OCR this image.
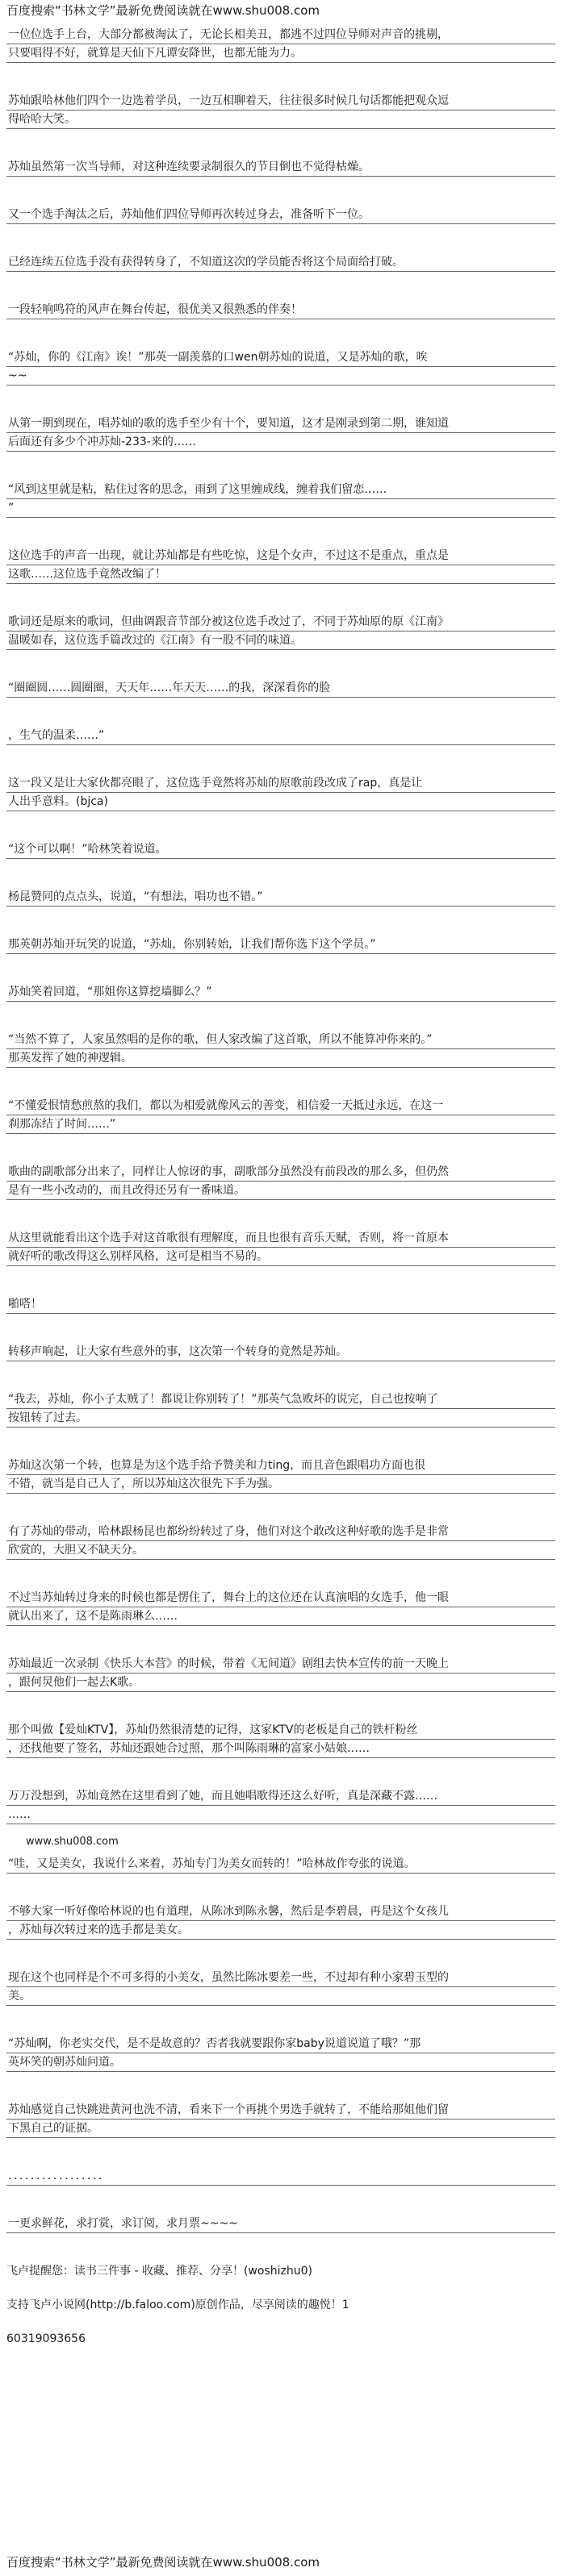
百度搜索“书林文学”最新免费阅读就在www.shu008.com
一位位选手上台，大部分都被淘汰了，无论长相美丑，都逃不过四位导师对声音的挑剔，
只要唱得不好，就算是天仙下凡谭安降世，也都无能为力。
苏灿跟哈林他们四个一边选着学员，一边互相聊着天，往往很多时候几句话都能把观众逗
得哈哈大笑。
苏灿虽然第一次当导师，对这种连续要录制很久的节目倒也不觉得枯燥。
又一个选手淘汰之后，苏灿他们四位导师再次转过身去，准备听下一位。
已经连续五位选手没有获得转身了，不知道这次的学员能否将这个局面给打破。
一段轻响鸣符的风声在舞台传起，很优美又很熟悉的伴奏！
“苏灿，你的《江南》诶！”那英一副羡慕的口wen朝苏灿的说道，又是苏灿的歌，唉
~~
从第一期到现在，唱苏灿的歌的选手至少有十个，要知道，这才是刚录到第二期，谁知道
后面还有多少个冲苏灿-233-来的……
“风到这里就是粘，粘住过客的思念，雨到了这里缠成线，缠着我们留恋……
”
这位选手的声音一出现，就让苏灿都是有些吃惊，这是个女声，不过这不是重点，重点是
这歌……这位选手竟然改编了！
歌词还是原来的歌词，但曲调跟音节部分被这位选手改过了，不同于苏灿原的原《江南》
温暖如春，这位选手篇改过的《江南》有一股不同的味道。
“圈圈圆……圆圈圈，天天年……年天天……的我，深深看你的脸
，生气的温柔……”
这一段又是让大家伙都亮眼了，这位选手竟然将苏灿的原歌前段改成了rap，真是让
人出乎意料。(bjca)
“这个可以啊！”哈林笑着说道。
杨昆赞同的点点头，说道，“有想法，唱功也不错。”
那英朝苏灿开玩笑的说道，“苏灿，你别转始，让我们帮你选下这个学员。”
苏灿笑着回道，“那姐你这算挖墙脚么？”
“当然不算了，人家虽然唱的是你的歌，但人家改编了这首歌，所以不能算冲你来的。”
那英发挥了她的神逻辑。
“不懂爱恨情愁煎熬的我们，都以为相爱就像风云的善变，相信爱一天抵过永远，在这一
刹那冻结了时间……”
歌曲的副歌部分出来了，同样让人惊讶的事，副歌部分虽然没有前段改的那么多，但仍然
是有一些小改动的，而且改得还另有一番味道。
从这里就能看出这个选手对这首歌很有理解度，而且也很有音乐天赋，否则，将一首原本
就好听的歌改得这么别样风格，这可是相当不易的。
啪嗒！
转移声响起，让大家有些意外的事，这次第一个转身的竟然是苏灿。
“我去，苏灿，你小子太贼了！都说让你别转了！”那英气急败坏的说完，自己也按响了
按钮转了过去。
苏灿这次第一个转，也算是为这个选手给予赞美和力ting，而且音色跟唱功方面也很
不错，就当是自己人了，所以苏灿这次很先下手为强。
有了苏灿的带动，哈林跟杨昆也都纷纷转过了身，他们对这个敢改这种好歌的选手是非常
欣赏的，大胆又不缺天分。
不过当苏灿转过身来的时候也都是愣住了，舞台上的这位还在认真演唱的女选手，他一眼
就认出来了，这不是陈雨琳么……
苏灿最近一次录制《快乐大本营》的时候，带着《无间道》剧组去快本宣传的前一天晚上
，跟何炅他们一起去K歌。
那个叫做【爱灿KTV】，苏灿仍然很清楚的记得，这家KTV的老板是自己的铁杆粉丝
，还找他要了签名，苏灿还跟她合过照，那个叫陈雨琳的富家小姑娘……
万万没想到，苏灿竟然在这里看到了她，而且她唱歌得还这么好听，真是深藏不露……
……
www.shu008.com
“哇，又是美女，我说什么来着，苏灿专门为美女而转的！”哈林故作夸张的说道。
不够大家一听好像哈林说的也有道理，从陈冰到陈永馨，然后是李碧晨，再是这个女孩儿
，苏灿每次转过来的选手都是美女。
现在这个也同样是个不可多得的小美女，虽然比陈冰要差一些，不过却有种小家碧玉型的
美。
“苏灿啊，你老实交代，是不是故意的？否者我就要跟你家baby说道说道了哦？”那
英坏笑的朝苏灿问道。
苏灿感觉自己快跳进黄河也洗不清，看来下一个再挑个男选手就转了，不能给那姐他们留
下黑自己的证据。
．．．．．．．．．．．．．．．．．
一更求鲜花，求打赏，求订阅，求月票~~~~
飞卢提醒您：读书三件事 - 收藏、推荐、分享！(woshizhu0)
支持飞卢小说网(http://b.faloo.com)原创作品，尽享阅读的趣悦！1
60319093656
百度搜索“书林文学”最新免费阅读就在www.shu008.com
